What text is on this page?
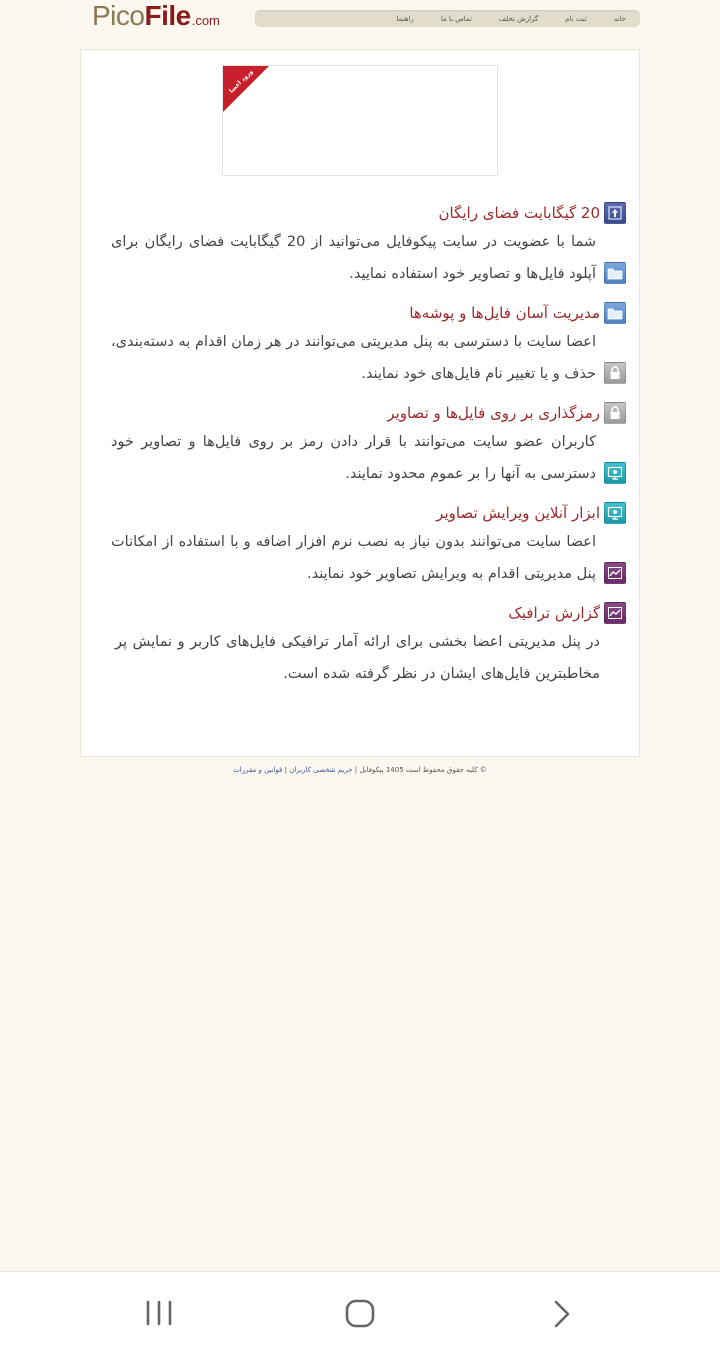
Pico File .com	خانه
ثبت نام
گزارش تخلف
تماس با ما
راهنما
ورود اعضا
20 گیگابایت فضای رایگان

شما با عضویت در سایت پیکوفایل می‌توانید از 20 گیگابایت فضای رایگان برای آپلود فایل‌ها و تصاویر خود استفاده نمایید.

مدیریت آسان فایل‌ها و پوشه‌ها

اعضا سایت با دسترسی به پنل مدیریتی می‌توانند در هر زمان اقدام به دسته‌بندی، حذف و یا تغییر نام فایل‌های خود نمایند.

رمزگذاری بر روی فایل‌ها و تصاویر

کاربران عضو سایت می‌توانند با قرار دادن رمز بر روی فایل‌ها و تصاویر خود دسترسی به آنها را بر عموم محدود نمایند.

ابزار آنلاین ویرایش تصاویر

اعضا سایت می‌توانند بدون نیاز به نصب نرم افزار اضافه و با استفاده از امکانات پنل مدیریتی اقدام به ویرایش تصاویر خود نمایند.

گزارش ترافیک

در پنل مدیریتی اعضا بخشی برای ارائه آمار ترافیکی فایل‌های کاربر و نمایش پر مخاطبترین فایل‌های ایشان در نظر گرفته شده است.

© کلیه حقوق محفوظ است 1405 پیکوفایل | حریم شخصی کاربران | قوانین و مقررات
